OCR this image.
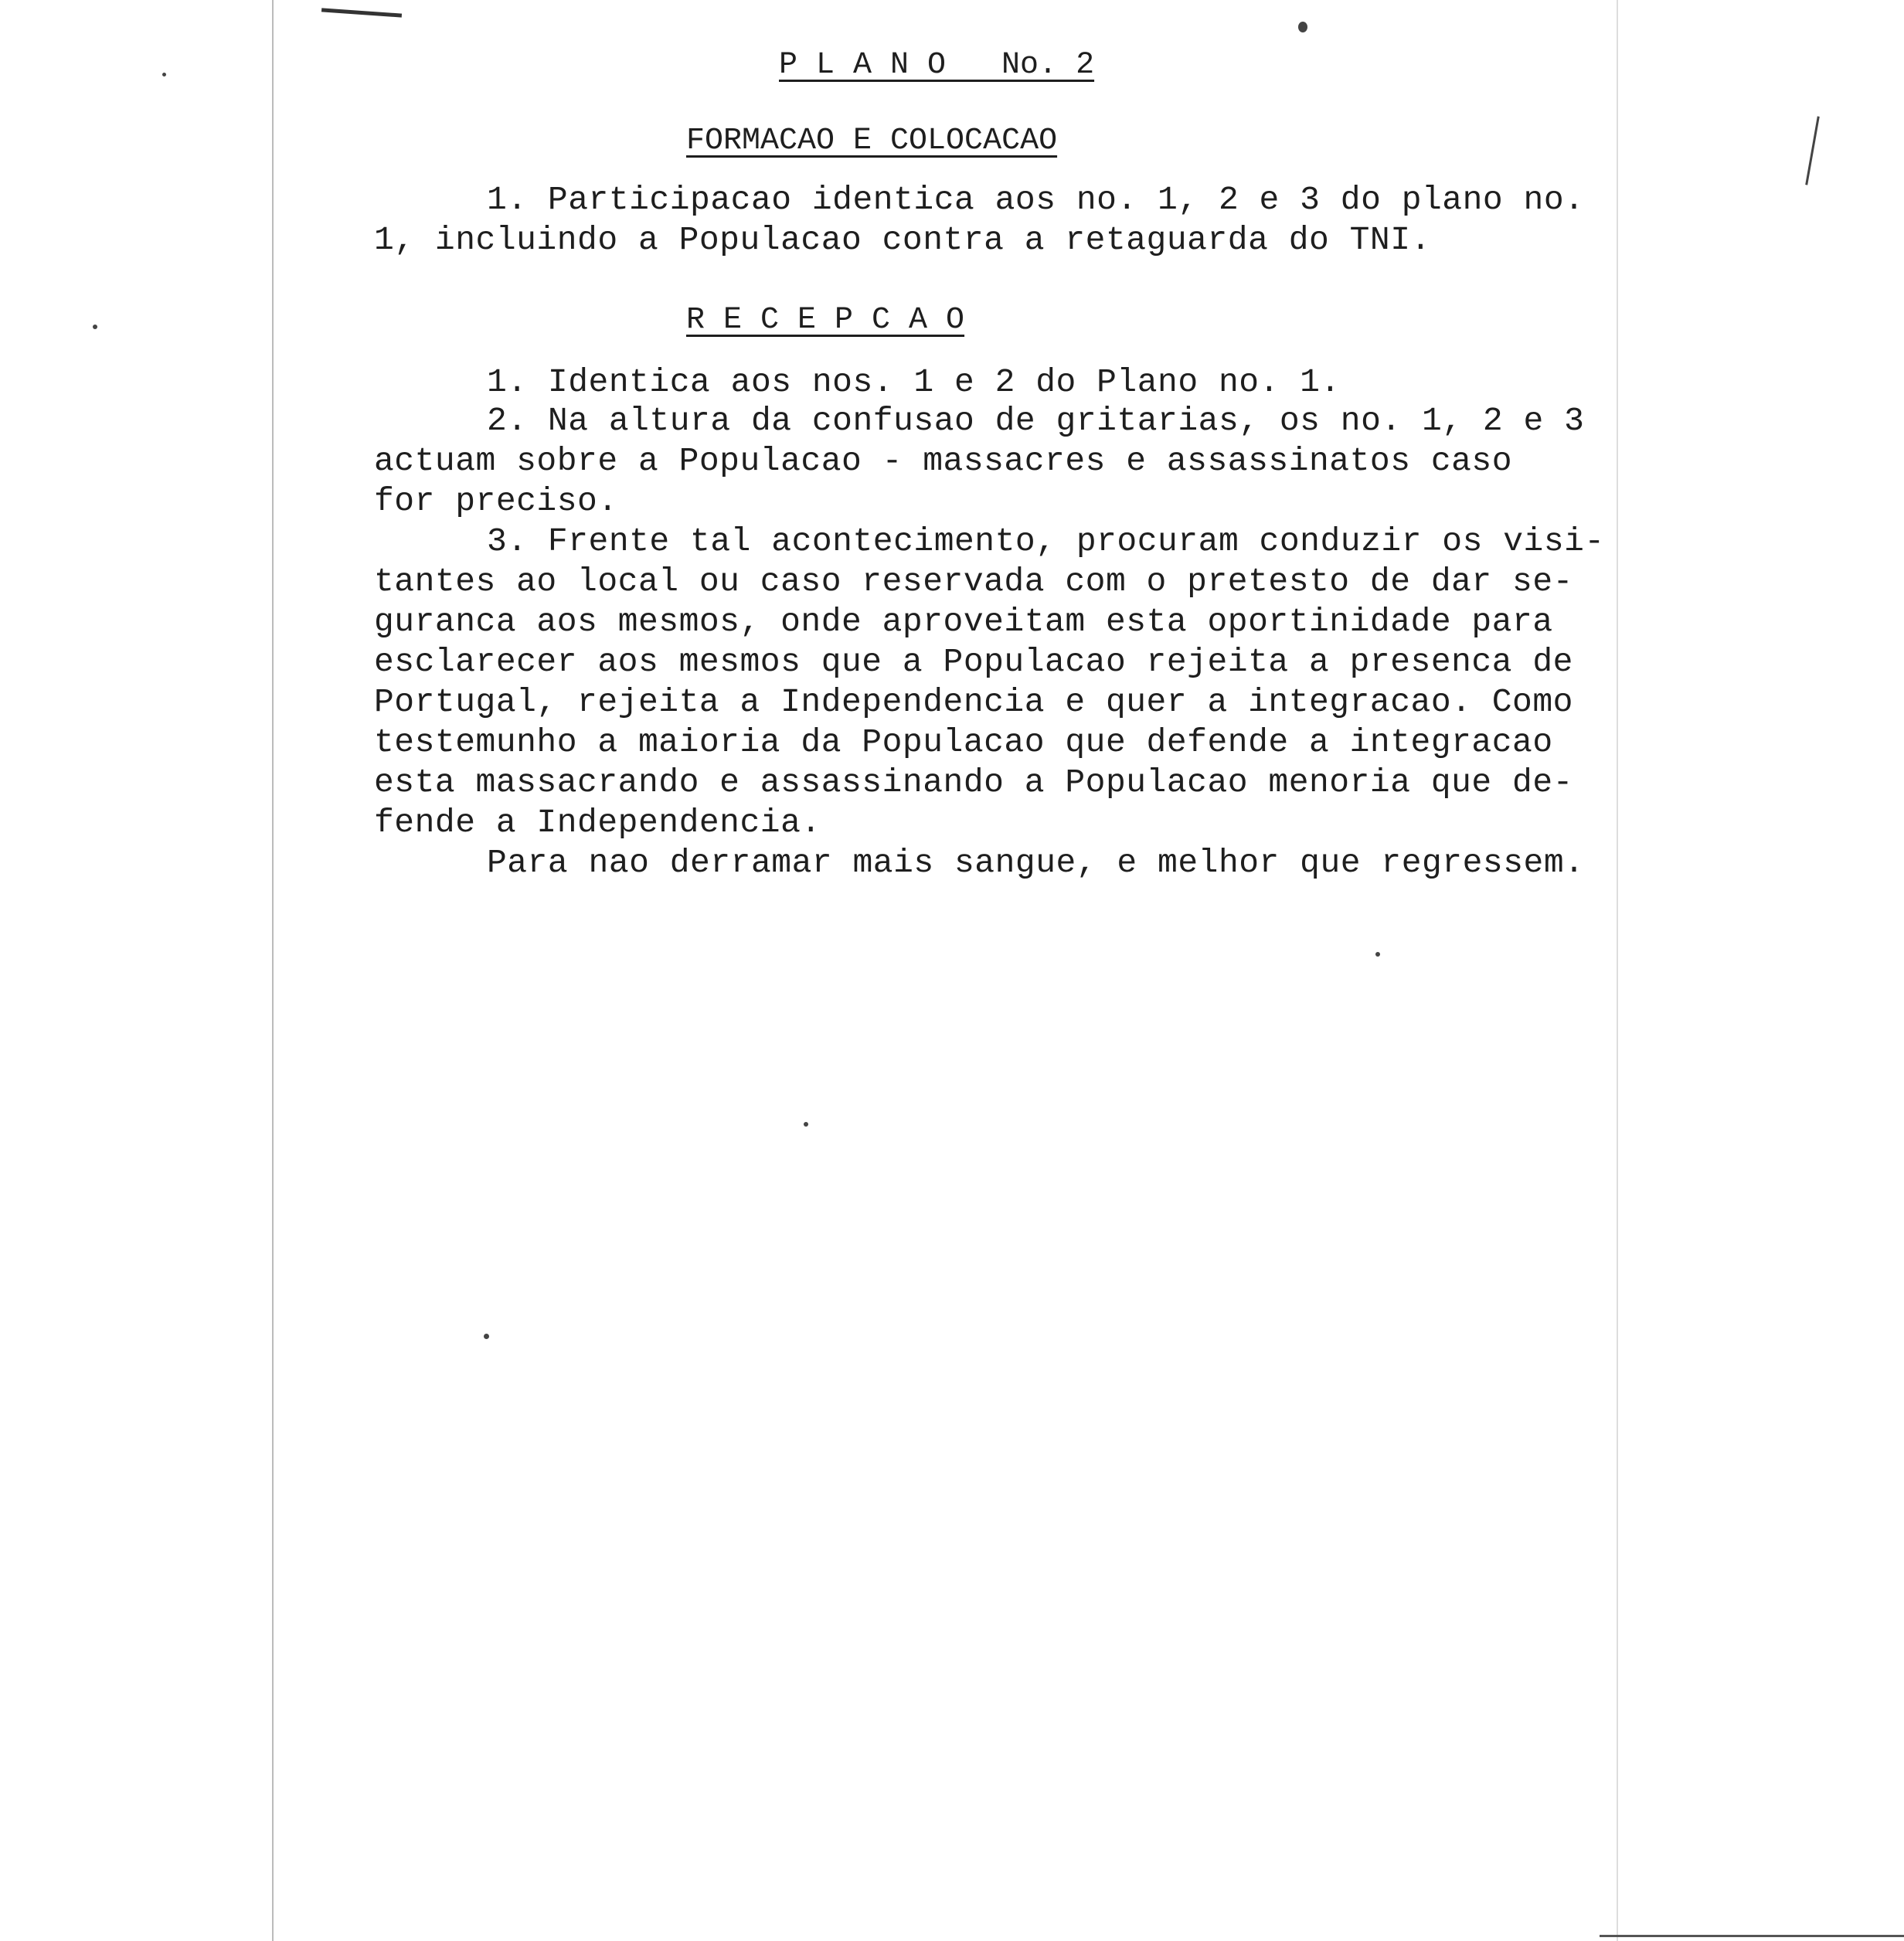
P L A N O   No. 2
FORMACAO E COLOCACAO
1. Participacao identica aos no. 1, 2 e 3 do plano no.
1, incluindo a Populacao contra a retaguarda do TNI.
R E C E P C A O
1. Identica aos nos. 1 e 2 do Plano no. 1.
2. Na altura da confusao de gritarias, os no. 1, 2 e 3
actuam sobre a Populacao - massacres e assassinatos caso
for preciso.
3. Frente tal acontecimento, procuram conduzir os visi-
tantes ao local ou caso reservada com o pretesto de dar se-
guranca aos mesmos, onde aproveitam esta oportinidade para
esclarecer aos mesmos que a Populacao rejeita a presenca de
Portugal, rejeita a Independencia e quer a integracao. Como
testemunho a maioria da Populacao que defende a integracao
esta massacrando e assassinando a Populacao menoria que de-
fende a Independencia.
Para nao derramar mais sangue, e melhor que regressem.
